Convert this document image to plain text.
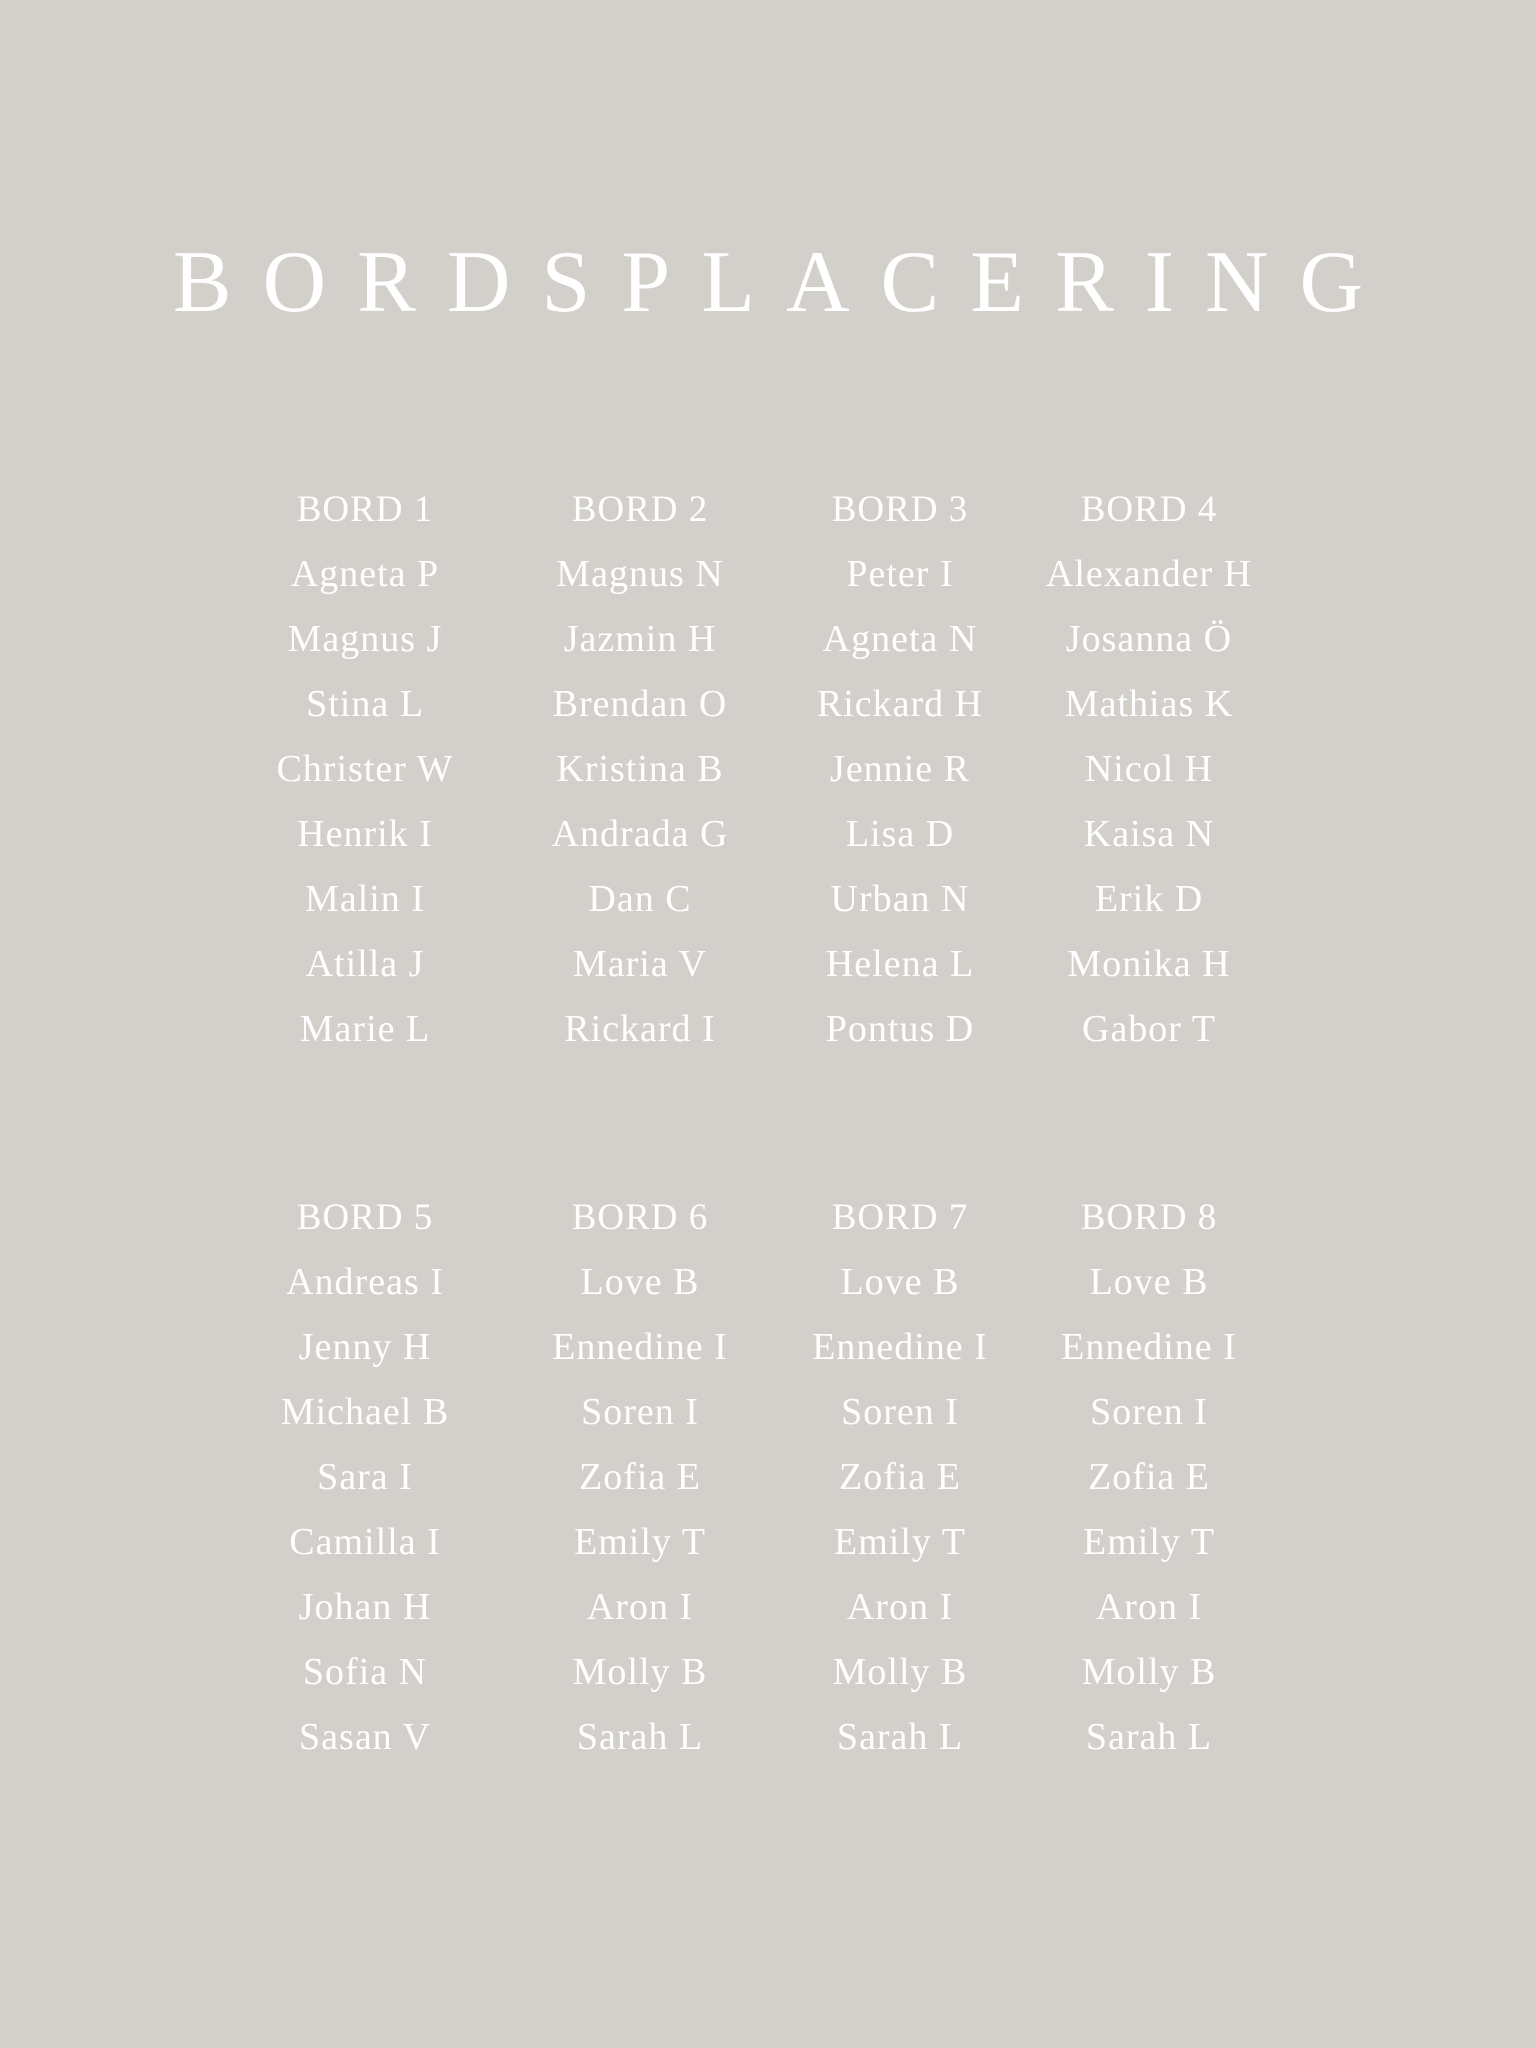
BORDSPLACERING
BORD 1
Agneta P
Magnus J
Stina L
Christer W
Henrik I
Malin I
Atilla J
Marie L
BORD 2
Magnus N
Jazmin H
Brendan O
Kristina B
Andrada G
Dan C
Maria V
Rickard I
BORD 3
Peter I
Agneta N
Rickard H
Jennie R
Lisa D
Urban N
Helena L
Pontus D
BORD 4
Alexander H
Josanna Ö
Mathias K
Nicol H
Kaisa N
Erik D
Monika H
Gabor T
BORD 5
Andreas I
Jenny H
Michael B
Sara I
Camilla I
Johan H
Sofia N
Sasan V
BORD 6
Love B
Ennedine I
Soren I
Zofia E
Emily T
Aron I
Molly B
Sarah L
BORD 7
Love B
Ennedine I
Soren I
Zofia E
Emily T
Aron I
Molly B
Sarah L
BORD 8
Love B
Ennedine I
Soren I
Zofia E
Emily T
Aron I
Molly B
Sarah L
